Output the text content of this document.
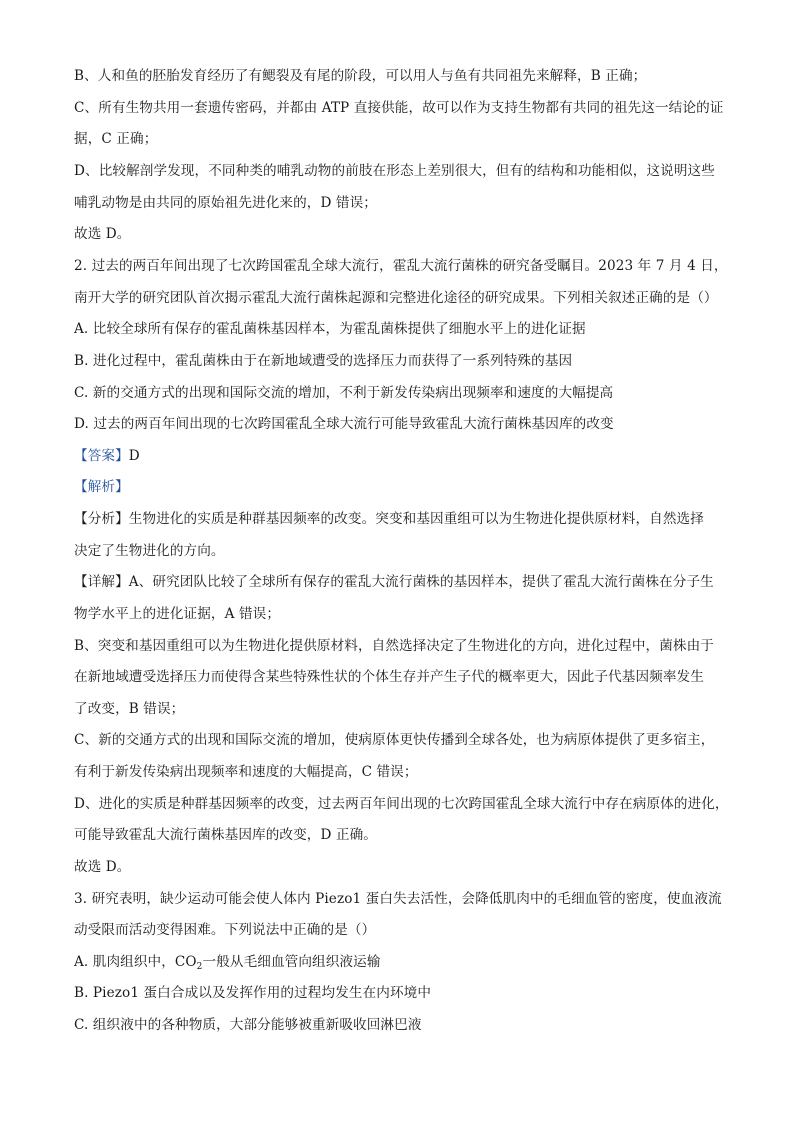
B、人和鱼的胚胎发育经历了有鳃裂及有尾的阶段，可以用人与鱼有共同祖先来解释，B 正确；
C、所有生物共用一套遗传密码，并都由 ATP 直接供能，故可以作为支持生物都有共同的祖先这一结论的证
据，C 正确；
D、比较解剖学发现，不同种类的哺乳动物的前肢在形态上差别很大，但有的结构和功能相似，这说明这些
哺乳动物是由共同的原始祖先进化来的，D 错误；
故选 D。
2. 过去的两百年间出现了七次跨国霍乱全球大流行，霍乱大流行菌株的研究备受瞩目。2023 年 7 月 4 日，
南开大学的研究团队首次揭示霍乱大流行菌株起源和完整进化途径的研究成果。下列相关叙述正确的是（）
A. 比较全球所有保存的霍乱菌株基因样本，为霍乱菌株提供了细胞水平上的进化证据
B. 进化过程中，霍乱菌株由于在新地域遭受的选择压力而获得了一系列特殊的基因
C. 新的交通方式的出现和国际交流的增加，不利于新发传染病出现频率和速度的大幅提高
D. 过去的两百年间出现的七次跨国霍乱全球大流行可能导致霍乱大流行菌株基因库的改变
【答案】D
【解析】
【分析】生物进化的实质是种群基因频率的改变。突变和基因重组可以为生物进化提供原材料，自然选择
决定了生物进化的方向。
【详解】A、研究团队比较了全球所有保存的霍乱大流行菌株的基因样本，提供了霍乱大流行菌株在分子生
物学水平上的进化证据，A 错误；
B、突变和基因重组可以为生物进化提供原材料，自然选择决定了生物进化的方向，进化过程中，菌株由于
在新地域遭受选择压力而使得含某些特殊性状的个体生存并产生子代的概率更大，因此子代基因频率发生
了改变，B 错误；
C、新的交通方式的出现和国际交流的增加，使病原体更快传播到全球各处，也为病原体提供了更多宿主，
有利于新发传染病出现频率和速度的大幅提高，C 错误；
D、进化的实质是种群基因频率的改变，过去两百年间出现的七次跨国霍乱全球大流行中存在病原体的进化，
可能导致霍乱大流行菌株基因库的改变，D 正确。
故选 D。
3. 研究表明，缺少运动可能会使人体内 Piezo1 蛋白失去活性，会降低肌肉中的毛细血管的密度，使血液流
动受限而活动变得困难。下列说法中正确的是（）
A. 肌肉组织中，$CO_2$一般从毛细血管向组织液运输
B. Piezo1 蛋白合成以及发挥作用的过程均发生在内环境中
C. 组织液中的各种物质，大部分能够被重新吸收回淋巴液
